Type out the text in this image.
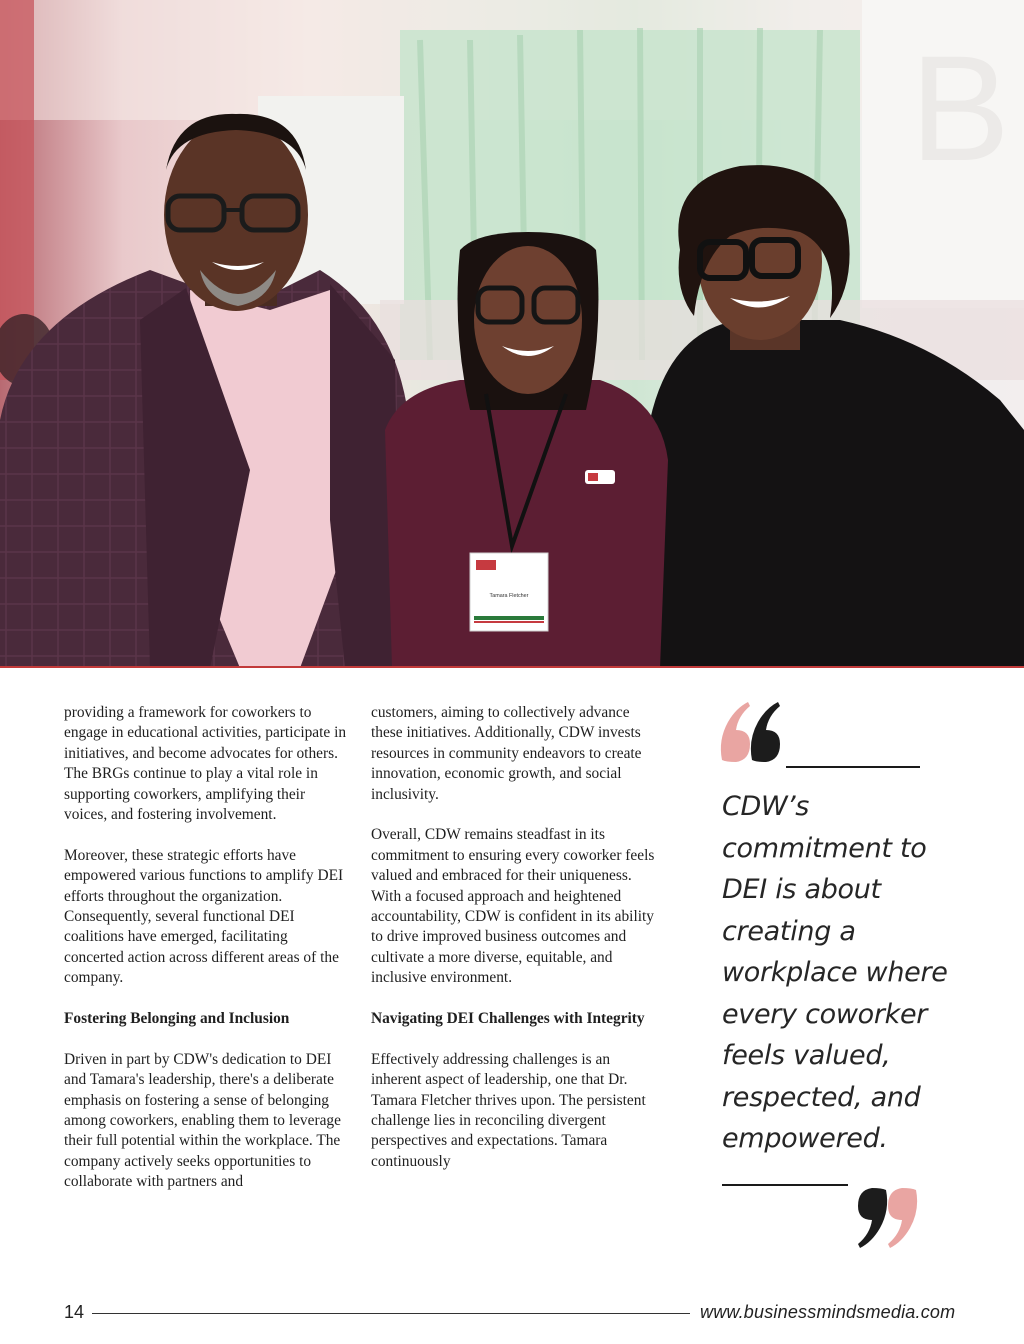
B
Tamara Fletcher

providing a framework for coworkers to engage in educational activities, participate in initiatives, and become advocates for others. The BRGs continue to play a vital role in supporting coworkers, amplifying their voices, and fostering involvement.

Moreover, these strategic efforts have empowered various functions to amplify DEI efforts throughout the organization. Consequently, several functional DEI coalitions have emerged, facilitating concerted action across different areas of the company.

Fostering Belonging and Inclusion

Driven in part by CDW's dedication to DEI and Tamara's leadership, there's a deliberate emphasis on fostering a sense of belonging among coworkers, enabling them to leverage their full potential within the workplace. The company actively seeks opportunities to collaborate with partners and

customers, aiming to collectively advance these initiatives. Additionally, CDW invests resources in community endeavors to create innovation, economic growth, and social inclusivity.

Overall, CDW remains steadfast in its commitment to ensuring every coworker feels valued and embraced for their uniqueness. With a focused approach and heightened accountability, CDW is confident in its ability to drive improved business outcomes and cultivate a more diverse, equitable, and inclusive environment.

Navigating DEI Challenges with Integrity

Effectively addressing challenges is an inherent aspect of leadership, one that Dr. Tamara Fletcher thrives upon. The persistent challenge lies in reconciling divergent perspectives and expectations. Tamara continuously

CDW’s commitment to DEI is about creating a workplace where every coworker feels valued, respected, and empowered.
14	www.businessmindsmedia.com
